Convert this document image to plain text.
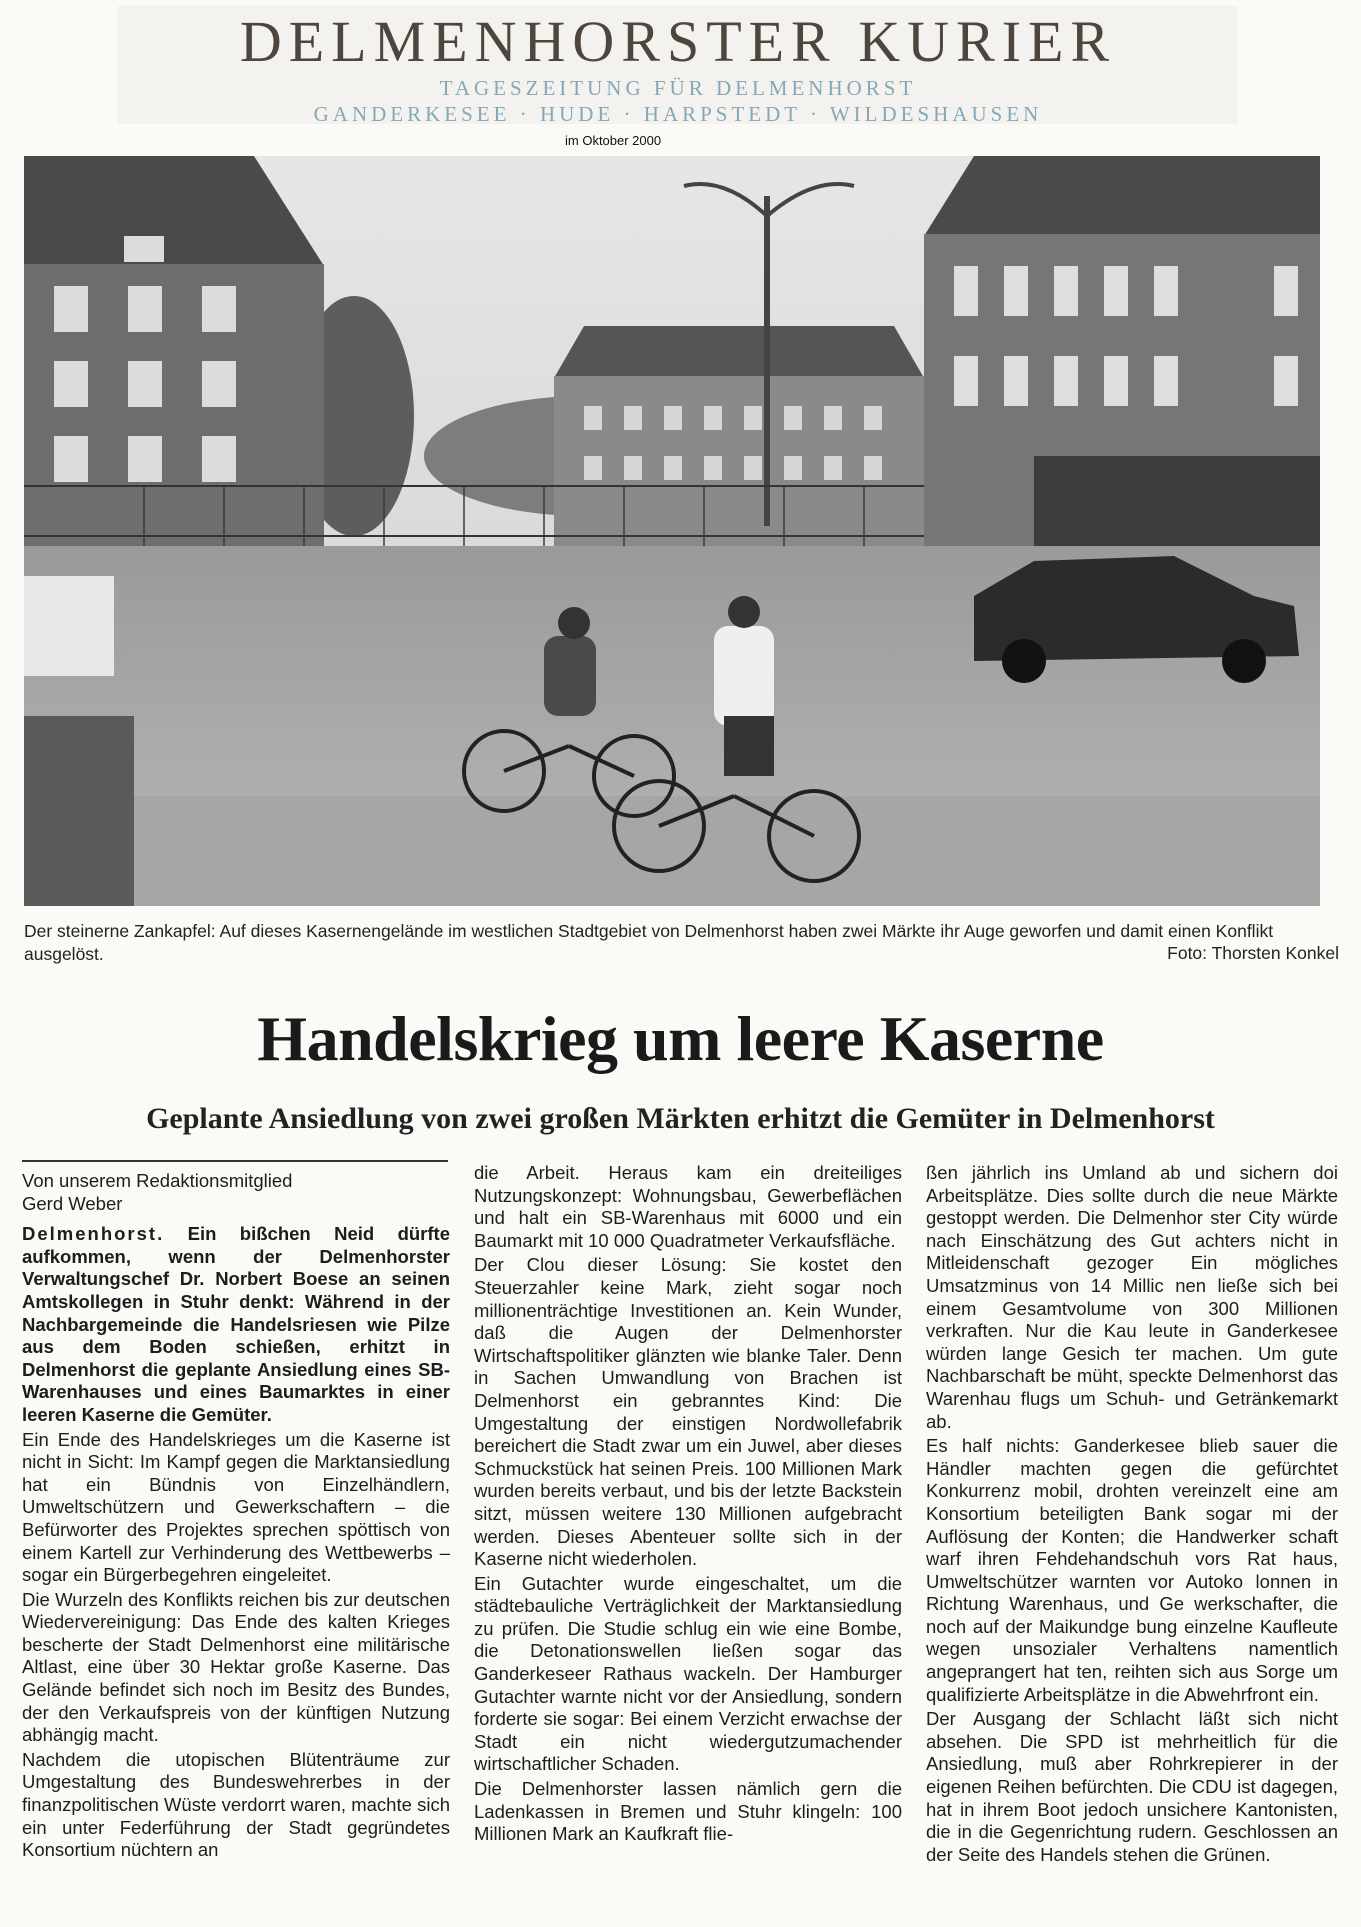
DELMENHORSTER KURIER
TAGESZEITUNG FÜR DELMENHORST
GANDERKESEE · HUDE · HARPSTEDT · WILDESHAUSEN
im Oktober 2000
Der steinerne Zankapfel: Auf dieses Kasernengelände im westlichen Stadtgebiet von Delmenhorst haben zwei Märkte ihr Auge geworfen und damit einen Konflikt ausgelöst.	Foto: Thorsten Konkel
Handelskrieg um leere Kaserne
Geplante Ansiedlung von zwei großen Märkten erhitzt die Gemüter in Delmenhorst
Von unserem Redaktionsmitglied
Gerd Weber

Delmenhorst. Ein bißchen Neid dürfte aufkommen, wenn der Delmenhorster Verwaltungschef Dr. Norbert Boese an seinen Amtskollegen in Stuhr denkt: Während in der Nachbargemeinde die Handelsriesen wie Pilze aus dem Boden schießen, erhitzt in Delmenhorst die geplante Ansiedlung eines SB-Warenhauses und eines Baumarktes in einer leeren Kaserne die Gemüter.

Ein Ende des Handelskrieges um die Kaserne ist nicht in Sicht: Im Kampf gegen die Marktansiedlung hat ein Bündnis von Einzelhändlern, Umweltschützern und Gewerkschaftern – die Befürworter des Projektes sprechen spöttisch von einem Kartell zur Verhinderung des Wettbewerbs – sogar ein Bürgerbegehren eingeleitet.

Die Wurzeln des Konflikts reichen bis zur deutschen Wiedervereinigung: Das Ende des kalten Krieges bescherte der Stadt Delmenhorst eine militärische Altlast, eine über 30 Hektar große Kaserne. Das Gelände befindet sich noch im Besitz des Bundes, der den Verkaufspreis von der künftigen Nutzung abhängig macht.

Nachdem die utopischen Blütenträume zur Umgestaltung des Bundeswehrerbes in der finanzpolitischen Wüste verdorrt waren, machte sich ein unter Federführung der Stadt gegründetes Konsortium nüchtern an

die Arbeit. Heraus kam ein dreiteiliges Nutzungskonzept: Wohnungsbau, Gewerbeflächen und halt ein SB-Warenhaus mit 6000 und ein Baumarkt mit 10 000 Quadratmeter Verkaufsfläche.

Der Clou dieser Lösung: Sie kostet den Steuerzahler keine Mark, zieht sogar noch millionenträchtige Investitionen an. Kein Wunder, daß die Augen der Delmenhorster Wirtschaftspolitiker glänzten wie blanke Taler. Denn in Sachen Umwandlung von Brachen ist Delmenhorst ein gebranntes Kind: Die Umgestaltung der einstigen Nordwollefabrik bereichert die Stadt zwar um ein Juwel, aber dieses Schmuckstück hat seinen Preis. 100 Millionen Mark wurden bereits verbaut, und bis der letzte Backstein sitzt, müssen weitere 130 Millionen aufgebracht werden. Dieses Abenteuer sollte sich in der Kaserne nicht wiederholen.

Ein Gutachter wurde eingeschaltet, um die städtebauliche Verträglichkeit der Marktansiedlung zu prüfen. Die Studie schlug ein wie eine Bombe, die Detonationswellen ließen sogar das Ganderkeseer Rathaus wackeln. Der Hamburger Gutachter warnte nicht vor der Ansiedlung, sondern forderte sie sogar: Bei einem Verzicht erwachse der Stadt ein nicht wiedergutzumachender wirtschaftlicher Schaden.

Die Delmenhorster lassen nämlich gern die Ladenkassen in Bremen und Stuhr klingeln: 100 Millionen Mark an Kaufkraft flie-

ßen jährlich ins Umland ab und sichern doi Arbeitsplätze. Dies sollte durch die neue Märkte gestoppt werden. Die Delmenhor ster City würde nach Einschätzung des Gut achters nicht in Mitleidenschaft gezoger Ein mögliches Umsatzminus von 14 Millic nen ließe sich bei einem Gesamtvolume von 300 Millionen verkraften. Nur die Kau leute in Ganderkesee würden lange Gesich ter machen. Um gute Nachbarschaft be müht, speckte Delmenhorst das Warenhau flugs um Schuh- und Getränkemarkt ab.

Es half nichts: Ganderkesee blieb sauer die Händler machten gegen die gefürchtet Konkurrenz mobil, drohten vereinzelt eine am Konsortium beteiligten Bank sogar mi der Auflösung der Konten; die Handwerker schaft warf ihren Fehdehandschuh vors Rat haus, Umweltschützer warnten vor Autoko lonnen in Richtung Warenhaus, und Ge werkschafter, die noch auf der Maikundge bung einzelne Kaufleute wegen unsozialer Verhaltens namentlich angeprangert hat ten, reihten sich aus Sorge um qualifizierte Arbeitsplätze in die Abwehrfront ein.

Der Ausgang der Schlacht läßt sich nicht absehen. Die SPD ist mehrheitlich für die Ansiedlung, muß aber Rohrkrepierer in der eigenen Reihen befürchten. Die CDU ist dagegen, hat in ihrem Boot jedoch unsichere Kantonisten, die in die Gegenrichtung rudern. Geschlossen an der Seite des Handels stehen die Grünen.
